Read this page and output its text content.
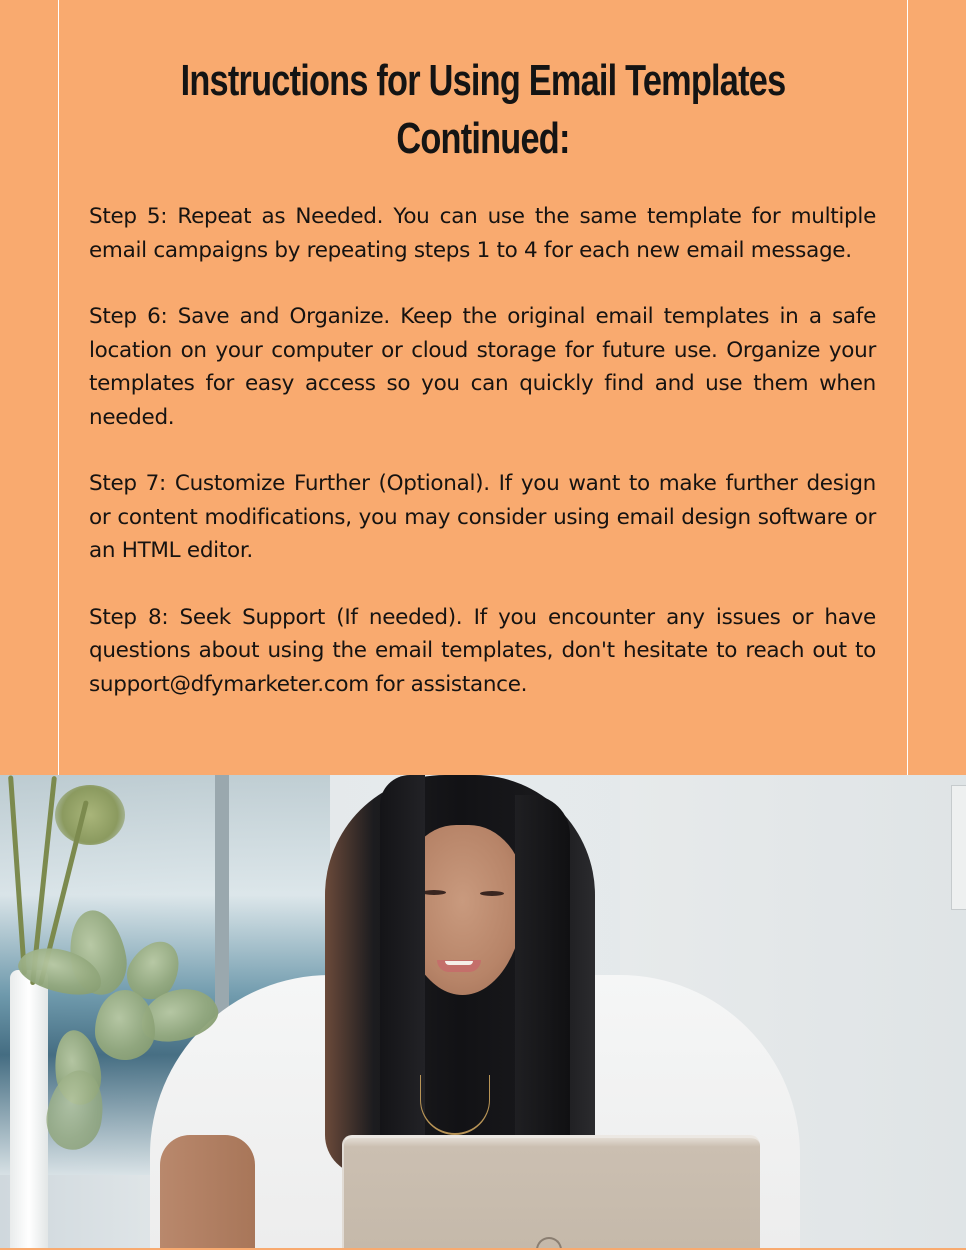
Instructions for Using Email Templates
Continued:

Step 5: Repeat as Needed. You can use the same template for multiple email campaigns by repeating steps 1 to 4 for each new email message.

Step 6: Save and Organize. Keep the original email templates in a safe location on your computer or cloud storage for future use. Organize your templates for easy access so you can quickly find and use them when needed.

Step 7: Customize Further (Optional). If you want to make further design or content modifications, you may consider using email design software or an HTML editor.

Step 8: Seek Support (If needed). If you encounter any issues or have questions about using the email templates, don't hesitate to reach out to support@dfymarketer.com for assistance.
